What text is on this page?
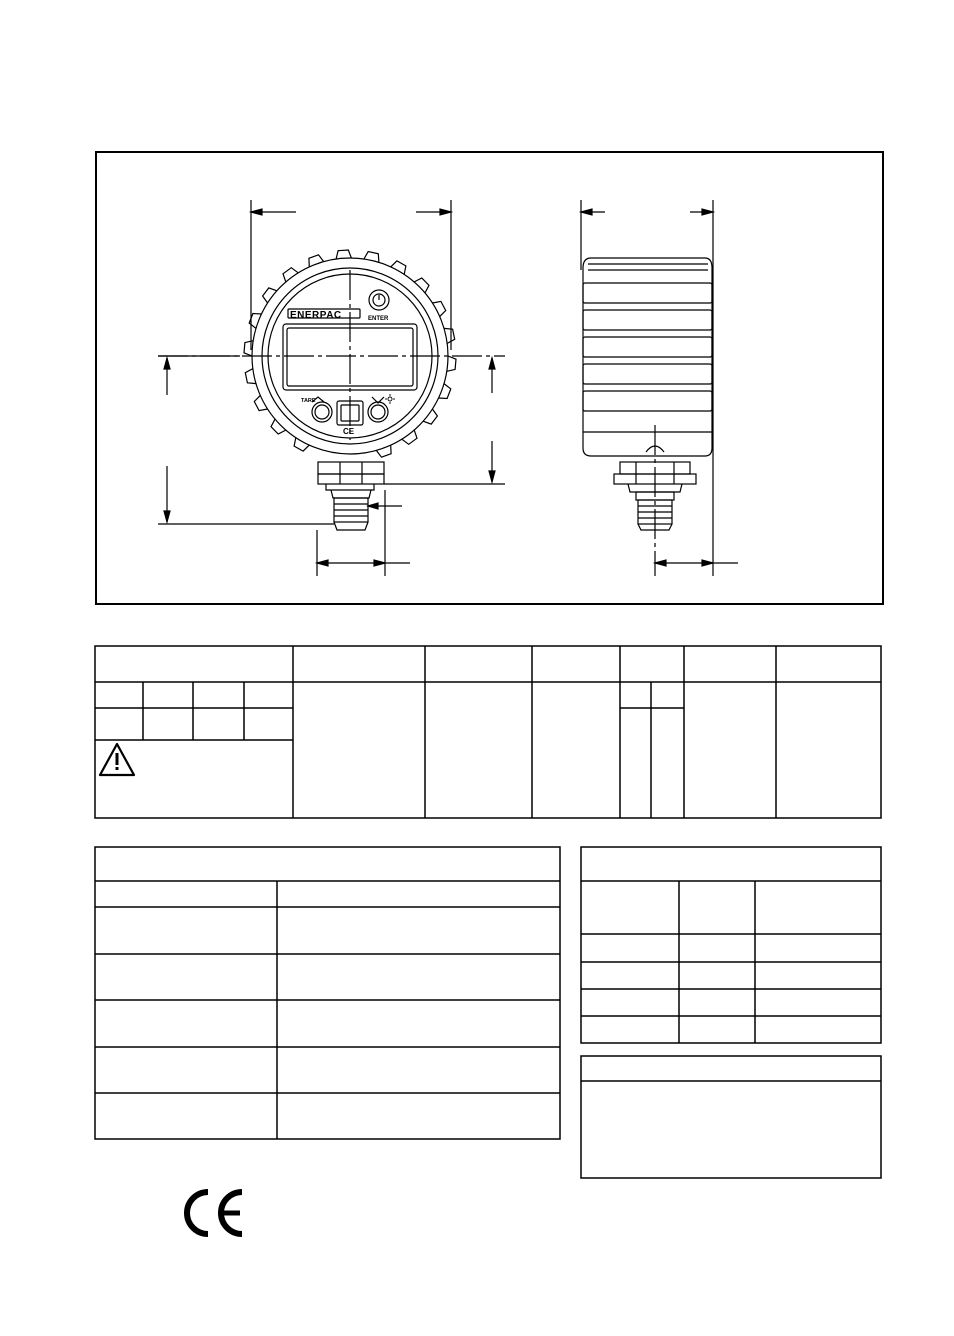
ENERPAC	ENTER
TARE
CE
